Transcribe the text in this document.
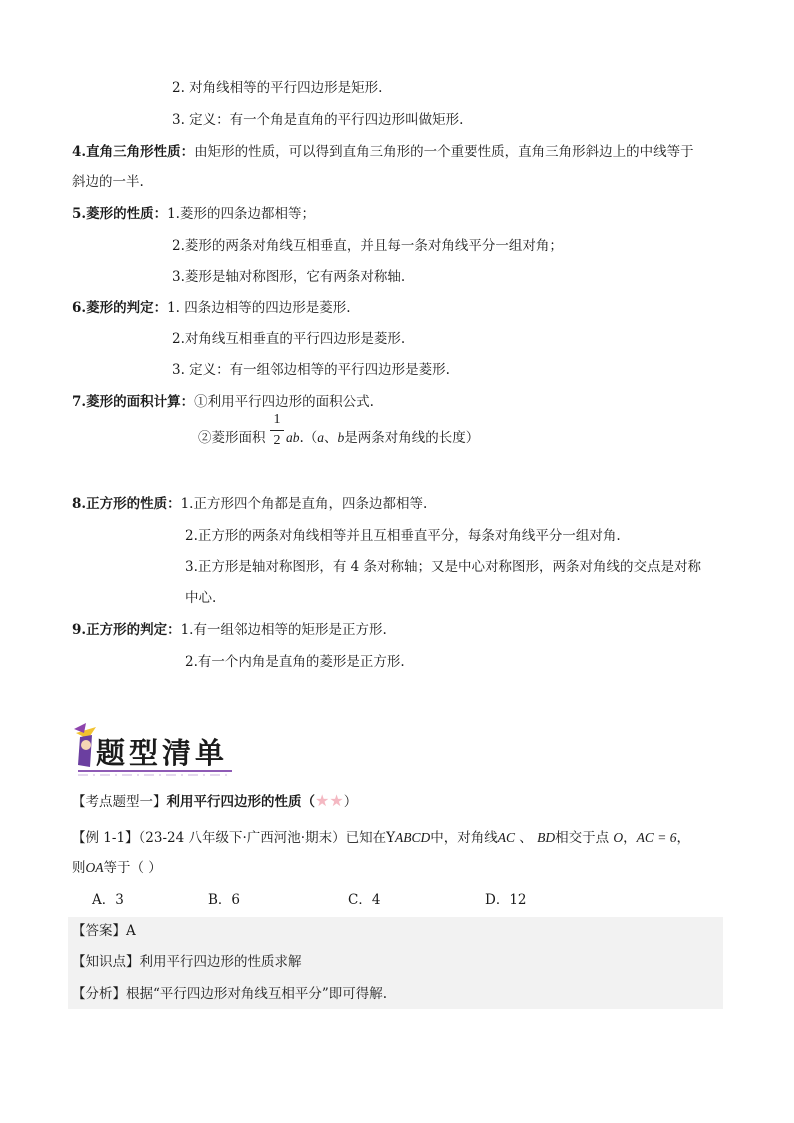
2. 对角线相等的平行四边形是矩形.
3. 定义：有一个角是直角的平行四边形叫做矩形.
4.直角三角形性质：由矩形的性质，可以得到直角三角形的一个重要性质，直角三角形斜边上的中线等于
斜边的一半.
5.菱形的性质：1.菱形的四条边都相等；
2.菱形的两条对角线互相垂直，并且每一条对角线平分一组对角；
3.菱形是轴对称图形，它有两条对称轴.
6.菱形的判定：1. 四条边相等的四边形是菱形.
2.对角线互相垂直的平行四边形是菱形.
3. 定义：有一组邻边相等的平行四边形是菱形.
7.菱形的面积计算：①利用平行四边形的面积公式.
②菱形面积
1
2 ab.（a、b是两条对角线的长度）
8.正方形的性质：1.正方形四个角都是直角，四条边都相等.
2.正方形的两条对角线相等并且互相垂直平分，每条对角线平分一组对角.
3.正方形是轴对称图形，有 4 条对称轴；又是中心对称图形，两条对角线的交点是对称
中心.
9.正方形的判定：1.有一组邻边相等的矩形是正方形.
2.有一个内角是直角的菱形是正方形.
题型清单
【考点题型一】利用平行四边形的性质（★★）
【例 1-1】（23-24 八年级下·广西河池·期末）已知在YABCD中，对角线AC 、 BD相交于点 O，AC = 6，
则OA等于（ ）
A．3	B．6	C．4	D．12
【答案】A
【知识点】利用平行四边形的性质求解
【分析】根据“平行四边形对角线互相平分”即可得解.
